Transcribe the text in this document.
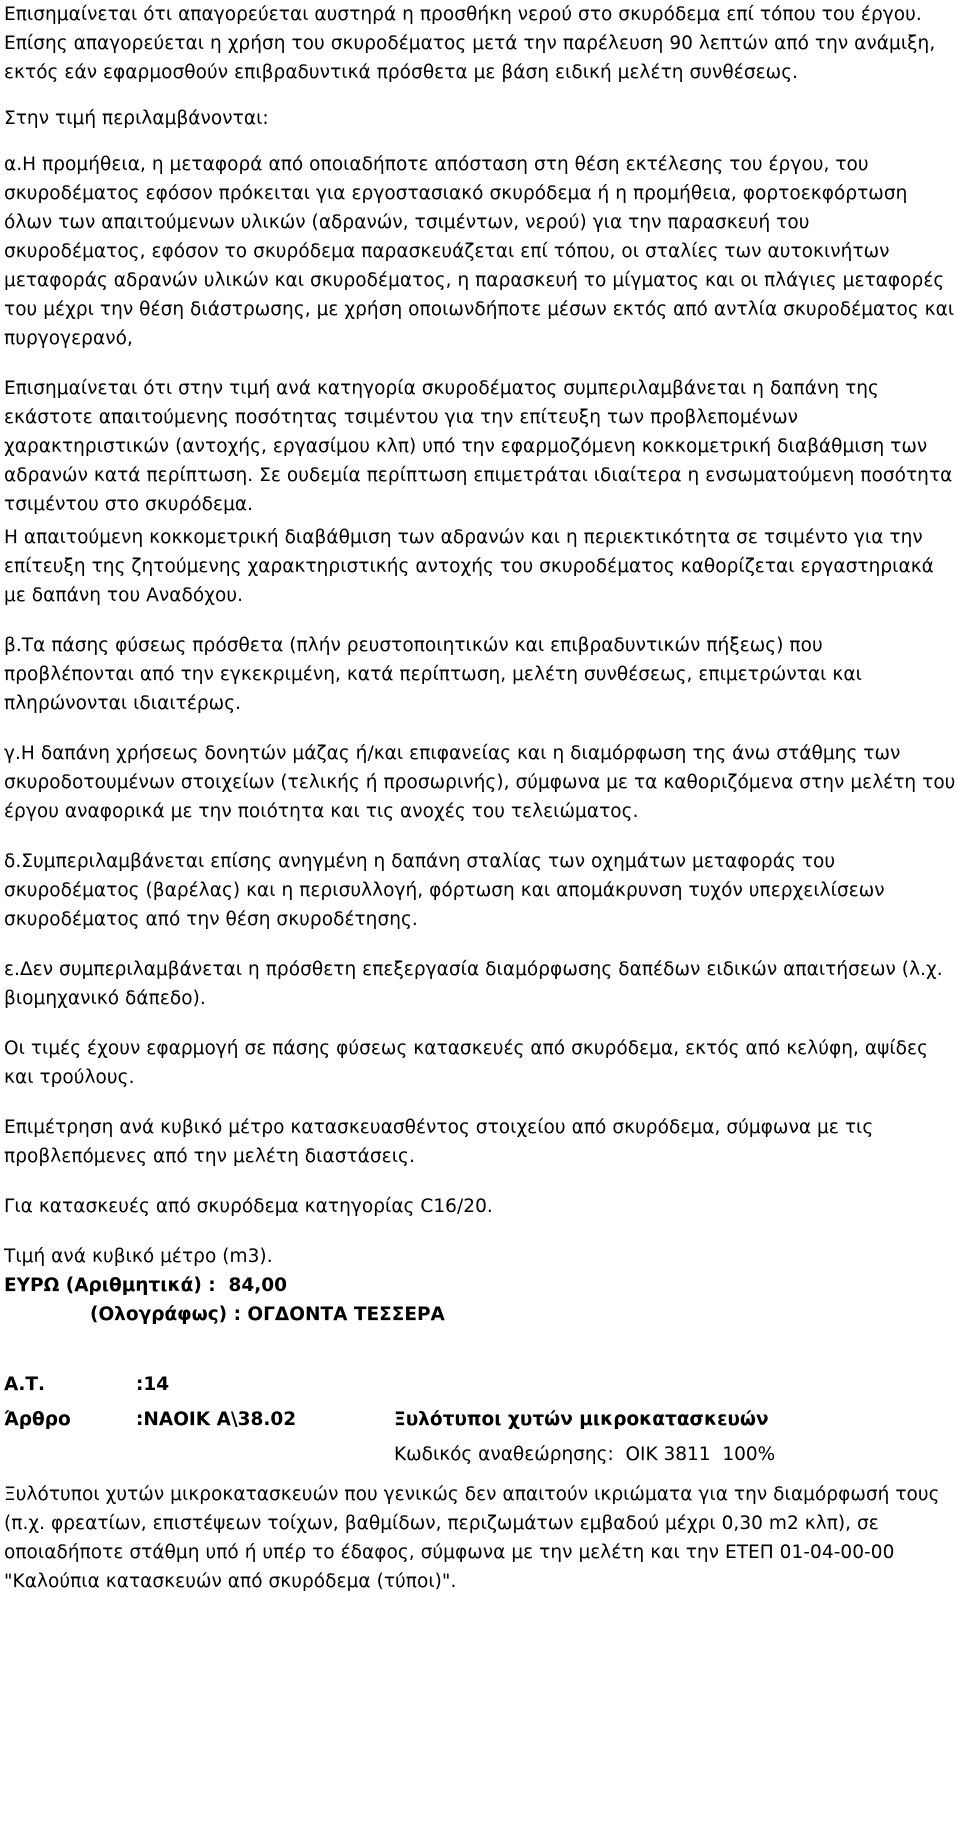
Επισημαίνεται ότι απαγορεύεται αυστηρά η προσθήκη νερού στο σκυρόδεμα επί τόπου του έργου. Επίσης απαγορεύεται η χρήση του σκυροδέματος μετά την παρέλευση 90 λεπτών από την ανάμιξη, εκτός εάν εφαρμοσθούν επιβραδυντικά πρόσθετα με βάση ειδική μελέτη συνθέσεως.

Στην τιμή περιλαμβάνονται:

α.Η προμήθεια, η μεταφορά από οποιαδήποτε απόσταση στη θέση εκτέλεσης του έργου, του σκυροδέματος εφόσον πρόκειται για εργοστασιακό σκυρόδεμα ή η προμήθεια, φορτοεκφόρτωση όλων των απαιτούμενων υλικών (αδρανών, τσιμέντων, νερού) για την παρασκευή του σκυροδέματος, εφόσον το σκυρόδεμα παρασκευάζεται επί τόπου, οι σταλίες των αυτοκινήτων μεταφοράς αδρανών υλικών και σκυροδέματος, η παρασκευή το μίγματος και οι πλάγιες μεταφορές του μέχρι την θέση διάστρωσης, με χρήση οποιωνδήποτε μέσων εκτός από αντλία σκυροδέματος και πυργογερανό,

Επισημαίνεται ότι στην τιμή ανά κατηγορία σκυροδέματος συμπεριλαμβάνεται η δαπάνη της εκάστοτε απαιτούμενης ποσότητας τσιμέντου για την επίτευξη των προβλεπομένων χαρακτηριστικών (αντοχής, εργασίμου κλπ) υπό την εφαρμοζόμενη κοκκομετρική διαβάθμιση των αδρανών κατά περίπτωση. Σε ουδεμία περίπτωση επιμετράται ιδιαίτερα η ενσωματούμενη ποσότητα τσιμέντου στο σκυρόδεμα.

Η απαιτούμενη κοκκομετρική διαβάθμιση των αδρανών και η περιεκτικότητα σε τσιμέντο για την επίτευξη της ζητούμενης χαρακτηριστικής αντοχής του σκυροδέματος καθορίζεται εργαστηριακά με δαπάνη του Αναδόχου.

β.Τα πάσης φύσεως πρόσθετα (πλήν ρευστοποιητικών και επιβραδυντικών πήξεως) που προβλέπονται από την εγκεκριμένη, κατά περίπτωση, μελέτη συνθέσεως, επιμετρώνται και πληρώνονται ιδιαιτέρως.

γ.Η δαπάνη χρήσεως δονητών μάζας ή/και επιφανείας και η διαμόρφωση της άνω στάθμης των σκυροδοτουμένων στοιχείων (τελικής ή προσωρινής), σύμφωνα με τα καθοριζόμενα στην μελέτη του έργου αναφορικά με την ποιότητα και τις ανοχές του τελειώματος.

δ.Συμπεριλαμβάνεται επίσης ανηγμένη η δαπάνη σταλίας των οχημάτων μεταφοράς του σκυροδέματος (βαρέλας) και η περισυλλογή, φόρτωση και απομάκρυνση τυχόν υπερχειλίσεων σκυροδέματος από την θέση σκυροδέτησης.

ε.Δεν συμπεριλαμβάνεται η πρόσθετη επεξεργασία διαμόρφωσης δαπέδων ειδικών απαιτήσεων (λ.χ. βιομηχανικό δάπεδο).

Οι τιμές έχουν εφαρμογή σε πάσης φύσεως κατασκευές από σκυρόδεμα, εκτός από κελύφη, αψίδες και τρούλους.

Επιμέτρηση ανά κυβικό μέτρο κατασκευασθέντος στοιχείου από σκυρόδεμα, σύμφωνα με τις προβλεπόμενες από την μελέτη διαστάσεις.

Για κατασκευές από σκυρόδεμα κατηγορίας C16/20.

Τιμή ανά κυβικό μέτρο (m3).

ΕΥΡΩ (Αριθμητικά) :  84,00

(Ολογράφως) : ΟΓΔΟΝΤΑ ΤΕΣΣΕΡΑ

Α.Τ.	:14
Άρθρο	:ΝΑΟΙΚ Α\38.02	Ξυλότυποι χυτών μικροκατασκευών

Κωδικός αναθεώρησης:  ΟΙΚ 3811  100%

Ξυλότυποι χυτών μικροκατασκευών που γενικώς δεν απαιτούν ικριώματα για την διαμόρφωσή τους (π.χ. φρεατίων, επιστέψεων τοίχων, βαθμίδων, περιζωμάτων εμβαδού μέχρι 0,30 m2 κλπ), σε οποιαδήποτε στάθμη υπό ή υπέρ το έδαφος, σύμφωνα με την μελέτη και την ΕΤΕΠ 01-04-00-00 "Καλούπια κατασκευών από σκυρόδεμα (τύποι)".
